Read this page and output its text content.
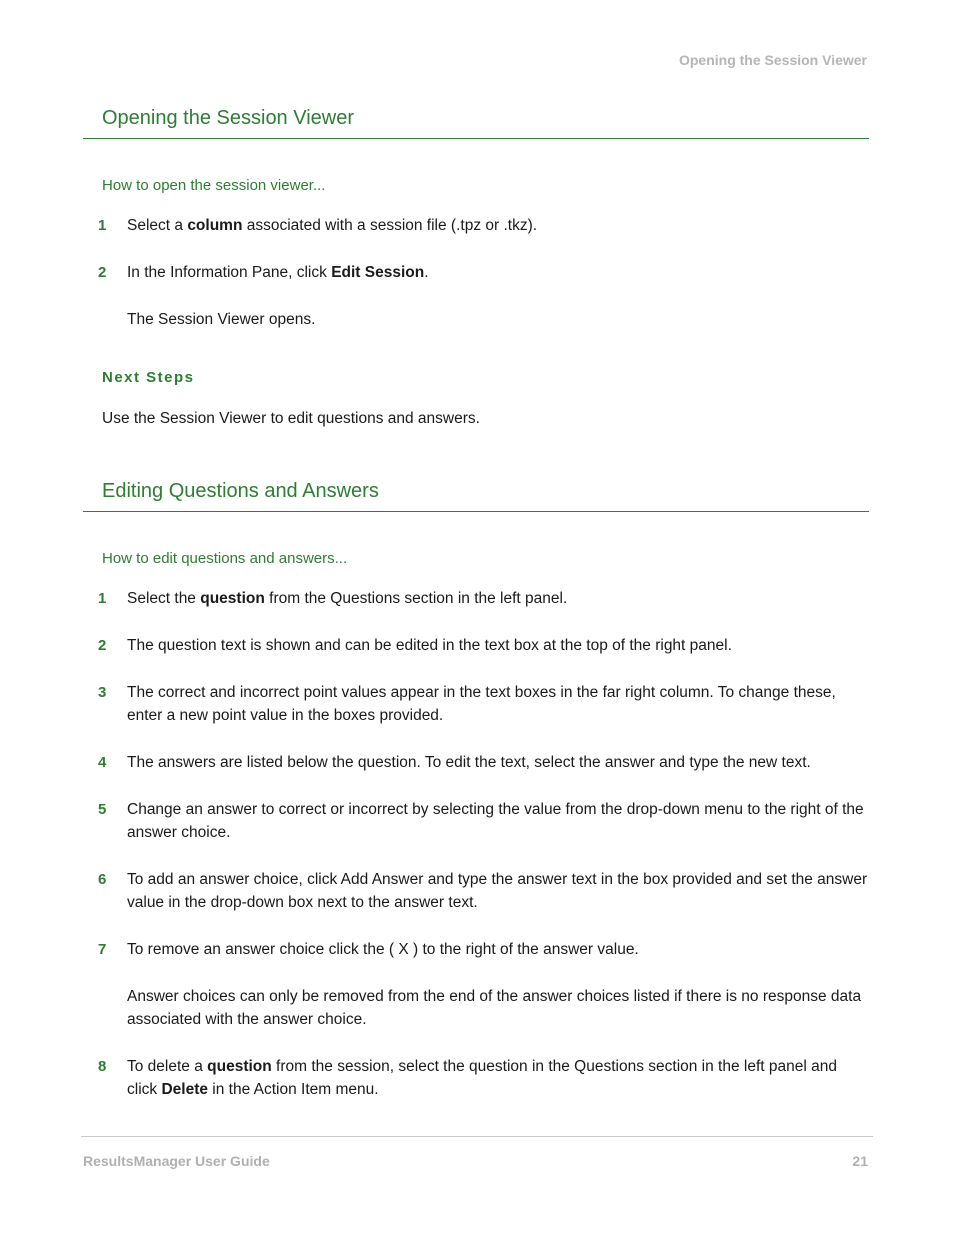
Opening the Session Viewer
Opening the Session Viewer
How to open the session viewer...
1 Select a column associated with a session file (.tpz or .tkz).
2 In the Information Pane, click Edit Session.
The Session Viewer opens.
Next Steps
Use the Session Viewer to edit questions and answers.
Editing Questions and Answers
How to edit questions and answers...
1 Select the question from the Questions section in the left panel.
2 The question text is shown and can be edited in the text box at the top of the right panel.
3 The correct and incorrect point values appear in the text boxes in the far right column. To change these, enter a new point value in the boxes provided.
4 The answers are listed below the question. To edit the text, select the answer and type the new text.
5 Change an answer to correct or incorrect by selecting the value from the drop-down menu to the right of the answer choice.
6 To add an answer choice, click Add Answer and type the answer text in the box provided and set the answer value in the drop-down box next to the answer text.
7 To remove an answer choice click the ( X ) to the right of the answer value.
Answer choices can only be removed from the end of the answer choices listed if there is no response data associated with the answer choice.
8 To delete a question from the session, select the question in the Questions section in the left panel and click Delete in the Action Item menu.
ResultsManager User Guide	21
